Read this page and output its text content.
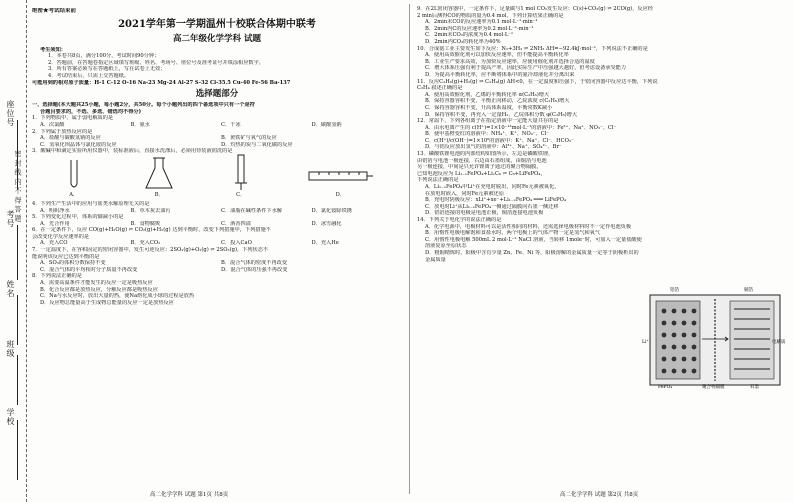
学校
班级
姓名
考号
座位号
密 封 线 内 不 得 答 题

绝密★考试结束前

2021学年第一学期温州十校联合体期中联考

高二年级化学学科 试题

考生须知：

1．本卷共8页，满分100分，考试时间90分钟；

2．答题前，在答题卷指定区域填写班级、姓名、考场号、座位号及准考证号并填涂相应数字。

3．所有答案必须写在答题纸上，写在试卷上无效；

4．考试结束后，只需上交答题纸。

可能用到的相对原子质量：H-1 C-12 O-16 Na-23 Mg-24 Al-27 S-32 Cl-35.5 Cu-40 Fe-56 Ba-137

选择题部分

一、选择题(本大题共25小题，每小题2分，共50分。每个小题列出的四个备选项中只有一个是符

合题目要求的，不选、多选、错选均不得分)

1．下列物质中，属于弱电解质的是

A．次氯酸	B．氨水	C．干冰	D．碳酸氢钠

2．下列属于放热反应的是

A．盐酸与碳酸氢钠的反应	B．黄铁矿与氧气的反应
C．氢氧化钡晶体与氯化铵的反应	D．灼热的炭与二氧化碳的反应

3．酸碱中和滴定实验所用仪器中，装标准液后，直接水洗涤后，必须用待装液润洗的是

A．	B．	C．	D．

4．下列生产生活中的应用与盐类水解原理无关的是

A．明矾净水	B．草木灰去油污	C．油脂在碱性条件下水解	D．氯化铵除铁锈

5．下列变化过程中，体系的熵减小的是

A．光合作用	B．食物腐败	C．酒香四溢	D．冰雪融化

6．在一定条件下，反应 CO(g)+H₂O(g) ⇌ CO₂(g)+H₂(g) 达到平衡时，改变下列措施中，下列措施不

会改变化学反应速率的是

A．充入CO	B．充入CO₂	C．投入CaO	D．充入He

7．一定温度下，在容积固定的密闭容器中，发生可逆反应：2SO₂(g)+O₂(g) ⇌ 2SO₃(g)，下列状态不

能说明该反应已达到平衡的是

A．SO₃的体积分数保持不变	B．混合气体的密度不再改变
C．混合气体的平均相对分子质量不再改变	D．混合气体的压强不再改变

8．下列说法正确的是

A．需要高温条件才能发生的反应一定是吸热反应

B．化合反应都是放热反应，分解反应都是吸热反应

C．Na与水反应时，放出大量的热，使Na熔化成小球的过程是放热

D．反应物总能量高于生成物总能量的反应一定是放热反应

9．在2L密闭容器中，一定条件下，足量碳与1 mol CO₂发生反应：C(s)+CO₂(g) ⇌ 2CO(g)，反应经

2 min后测得CO的物质的量为0.4 mol，下列计算结果正确的是

A．2min末CO的反应速率为0.1 mol·L⁻¹·min⁻¹

B．2min内C的反应速率为0.2 mol·L⁻¹·min⁻¹

C．2min末CO₂的浓度为0.4 mol·L⁻¹

D．2min内CO₂的转化率为40%

10．合成氨工业主要发生如下反应：N₂+3H₂ ⇌ 2NH₃ ΔH=−92.4kJ·mol⁻¹，下列说法不正确的是

A．使用高效催化剂可以加快反应速率，但不能提高平衡转化率

B．工业生产要求高效，为加快反应速率，应使用催化剂并选择合适的温度

C．增大体系压强有利于提高产率，因此实际生产中压强越大越好，但考虑设备承受能力

D．为提高平衡转化率，应不断将体系中的氨冷却液化并分离出来

11．反应C₂H₆(g)+H₂(g) ⇌ C₂H₄(g) ΔH<0，在一定温度和压强下，于密闭容器中反应达平衡，下列说

C₂H₄ 叙述正确的是

A．使用高效催化剂，乙烯的平衡转化率 α(C₂H₆)增大

B．保持容器容积不变，平衡正向移动，乙烷浓度 c(C₂H₆)增大

C．保持容器容积不变，升高体系温度，平衡常数K减小

D．保持容积不变，再充入一定量H₂，乙烷体积分数 φ(C₂H₆)增大

12．常温下，下列各组离子在指定溶液中一定能大量共存的是

A．由水电离产生的 c(H⁺)=1×10⁻¹³mol·L⁻¹的溶液中：Fe²⁺、Na⁺、NO₃⁻、Cl⁻

B．使甲基橙变红的溶液中：NH₄⁺、K⁺、NO₃⁻、Cl⁻

C．c(H⁺)/c(OH⁻)=1×10⁶的溶液中：K⁺、Na⁺、Cl⁻、HCO₃⁻

D．与铝反应放出氢气的溶液中：Al³⁺、Na⁺、SO₄²⁻、Br⁻

13．磷酸铁锂电池的内部结构如图所示，左边是磷酸铁锂，

由铝箔与电池一极连接，右边由石墨组成，由铜箔与电池

另一极连接，中间是只允许锂离子通过的聚合物隔膜。

已知电池反应为 Li₁₋ₓFePO₄+LiₓC₆ ⇌ C₆+LiFePO₄，

下列说法正确的是

A．Li₁₋ₓFePO₄中Li⁺在充电时脱出，同时Fe元素被氧化，

在放电时嵌入，同时Fe元素被还原

B．充电时阴极反应：xLi⁺+xe⁻+Li₁₋ₓFePO₄ ═══ LiFePO₄

C．放电时Li⁺从Li₁₋ₓFePO₄一侧通过隔膜向石墨一侧迁移

D．铝箔连接的电极是电池正极，铜箔连接电池负极

14．下列关于电化学的说法正确的是

A．化学电源中，电极材料可以是活性相同的材料，还需选择电极材料时不一定作电池负极

B．用惰性电极电解饱和食盐水时，两个电极上的气体产物一定是氢气和氧气

C．用惰性电极电解 500mL 2 mol·L⁻¹ NaCl 溶液，当转移 1mole⁻时，可加入一定量盐酸使

溶液复原至原状态

D．粗铜精炼时，阳极中含有少量 Zn、Fe、Ni 等，阳极溶解的金属质量一定等于阴极析出的

金属质量

铝箔	铜箔
聚合物隔膜
Li⁺
FePO₄	石墨
电解质
高二化学学科 试题 第1页 共8页	高二化学学科 试题 第2页 共8页
